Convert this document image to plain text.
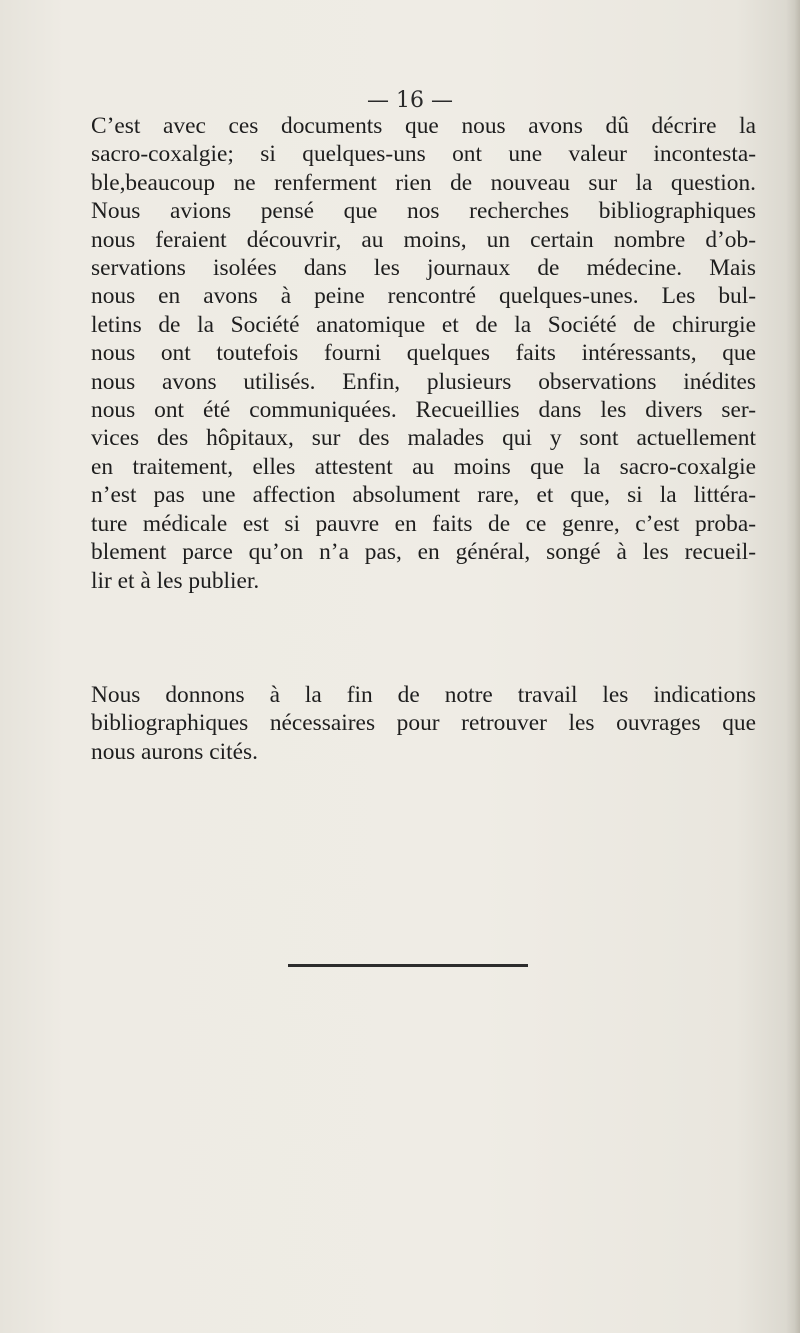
— 16 —
C’est avec ces documents que nous avons dû décrire la
sacro-coxalgie; si quelques-uns ont une valeur incontesta-
ble,beaucoup ne renferment rien de nouveau sur la question.
Nous avions pensé que nos recherches bibliographiques
nous feraient découvrir, au moins, un certain nombre d’ob-
servations isolées dans les journaux de médecine. Mais
nous en avons à peine rencontré quelques-unes. Les bul-
letins de la Société anatomique et de la Société de chirurgie
nous ont toutefois fourni quelques faits intéressants, que
nous avons utilisés. Enfin, plusieurs observations inédites
nous ont été communiquées. Recueillies dans les divers ser-
vices des hôpitaux, sur des malades qui y sont actuellement
en traitement, elles attestent au moins que la sacro-coxalgie
n’est pas une affection absolument rare, et que, si la littéra-
ture médicale est si pauvre en faits de ce genre, c’est proba-
blement parce qu’on n’a pas, en général, songé à les recueil-
lir et à les publier.
Nous donnons à la fin de notre travail les indications
bibliographiques nécessaires pour retrouver les ouvrages que
nous aurons cités.
